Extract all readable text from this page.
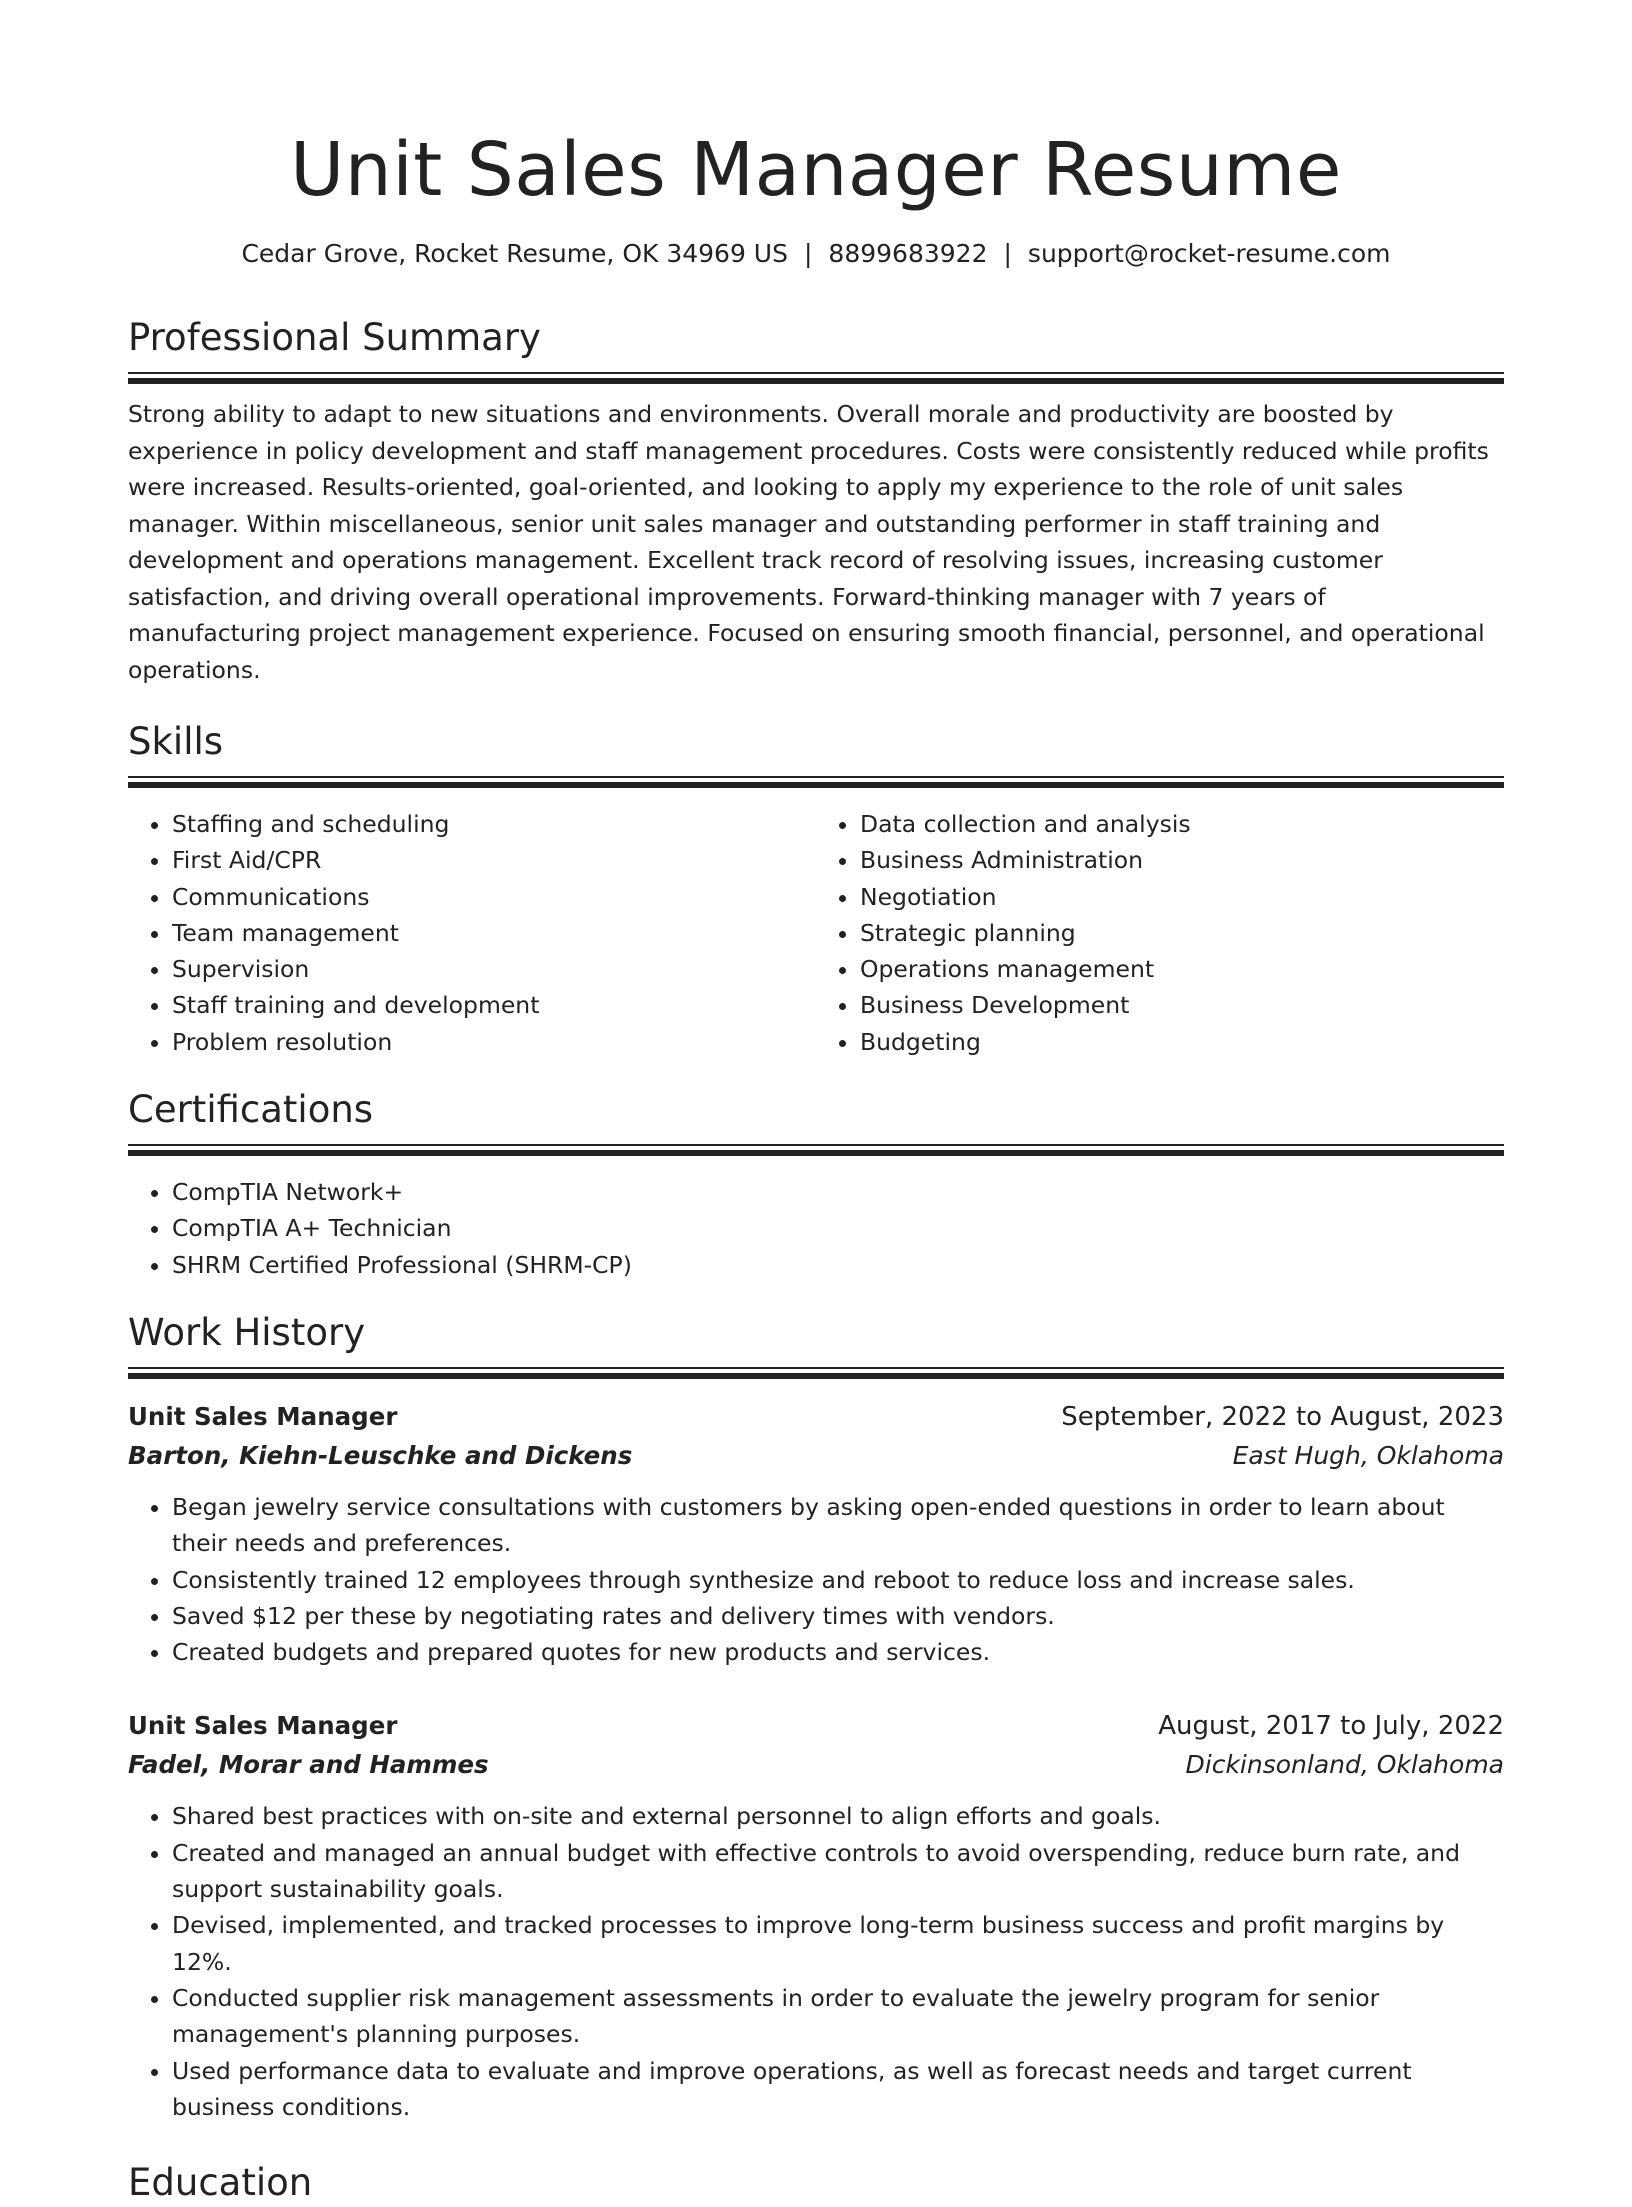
Unit Sales Manager Resume
Cedar Grove, Rocket Resume, OK 34969 US | 8899683922 | support@rocket-resume.com
Professional Summary

Strong ability to adapt to new situations and environments. Overall morale and productivity are boosted by experience in policy development and staff management procedures. Costs were consistently reduced while profits were increased. Results-oriented, goal-oriented, and looking to apply my experience to the role of unit sales manager. Within miscellaneous, senior unit sales manager and outstanding performer in staff training and development and operations management. Excellent track record of resolving issues, increasing customer satisfaction, and driving overall operational improvements. Forward-thinking manager with 7 years of manufacturing project management experience. Focused on ensuring smooth financial, personnel, and operational operations.

Skills
• Staffing and scheduling
• First Aid/CPR
• Communications
• Team management
• Supervision
• Staff training and development
• Problem resolution
• Data collection and analysis
• Business Administration
• Negotiation
• Strategic planning
• Operations management
• Business Development
• Budgeting
Certifications
• CompTIA Network+
• CompTIA A+ Technician
• SHRM Certified Professional (SHRM-CP)
Work History
Unit Sales Manager	September, 2022 to August, 2023
Barton, Kiehn-Leuschke and Dickens	East Hugh, Oklahoma
• Began jewelry service consultations with customers by asking open-ended questions in order to learn about their needs and preferences.
• Consistently trained 12 employees through synthesize and reboot to reduce loss and increase sales.
• Saved $12 per these by negotiating rates and delivery times with vendors.
• Created budgets and prepared quotes for new products and services.
Unit Sales Manager	August, 2017 to July, 2022
Fadel, Morar and Hammes	Dickinsonland, Oklahoma
• Shared best practices with on-site and external personnel to align efforts and goals.
• Created and managed an annual budget with effective controls to avoid overspending, reduce burn rate, and support sustainability goals.
• Devised, implemented, and tracked processes to improve long-term business success and profit margins by 12%.
• Conducted supplier risk management assessments in order to evaluate the jewelry program for senior management's planning purposes.
• Used performance data to evaluate and improve operations, as well as forecast needs and target current business conditions.
Education
